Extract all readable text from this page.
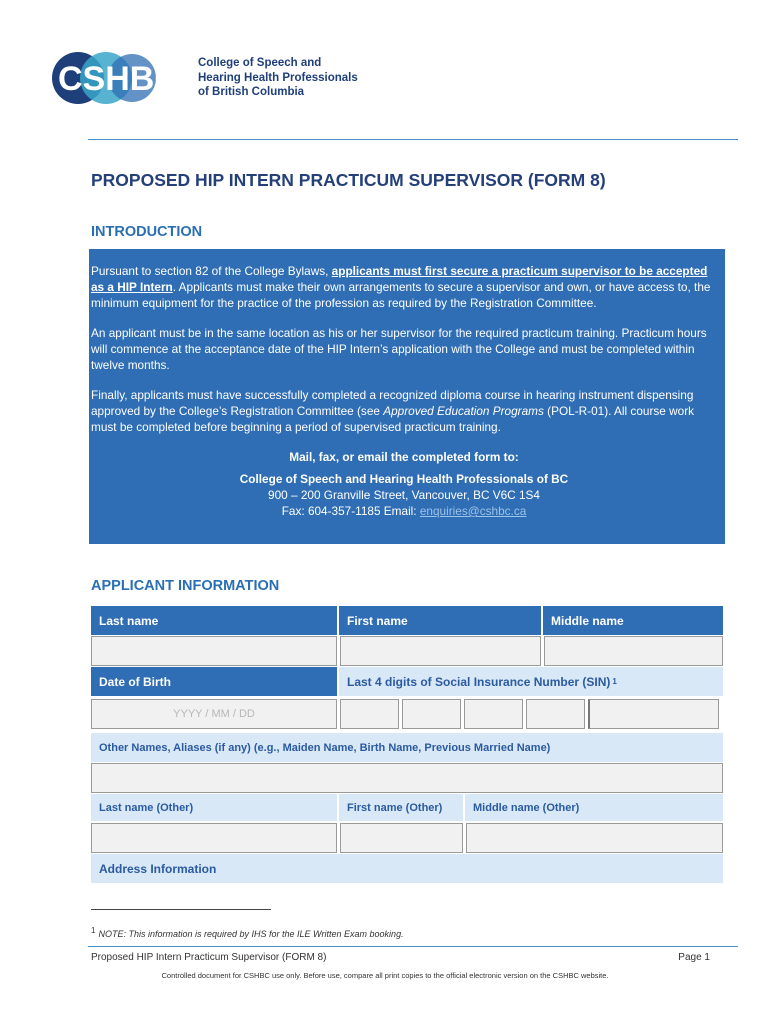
CSHBC College of Speech and
Hearing Health Professionals
of British Columbia
PROPOSED HIP INTERN PRACTICUM SUPERVISOR (FORM 8)
INTRODUCTION

Pursuant to section 82 of the College Bylaws, applicants must first secure a practicum supervisor to be accepted as a HIP Intern. Applicants must make their own arrangements to secure a supervisor and own, or have access to, the minimum equipment for the practice of the profession as required by the Registration Committee.

An applicant must be in the same location as his or her supervisor for the required practicum training. Practicum hours will commence at the acceptance date of the HIP Intern’s application with the College and must be completed within twelve months.

Finally, applicants must have successfully completed a recognized diploma course in hearing instrument dispensing approved by the College’s Registration Committee (see Approved Education Programs (POL-R-01). All course work must be completed before beginning a period of supervised practicum training.

Mail, fax, or email the completed form to:
College of Speech and Hearing Health Professionals of BC
900 – 200 Granville Street, Vancouver, BC V6C 1S4
Fax: 604-357-1185 Email: enquiries@cshbc.ca
APPLICANT INFORMATION
Last name	First name	Middle name
Date of Birth	Last 4 digits of Social Insurance Number (SIN) 1
YYYY / MM / DD
Other Names, Aliases (if any) (e.g., Maiden Name, Birth Name, Previous Married Name)
Last name (Other)	First name (Other)	Middle name (Other)
Address Information
$^1$ NOTE: This information is required by IHS for the ILE Written Exam booking.
Proposed HIP Intern Practicum Supervisor (FORM 8)	Page 1
Controlled document for CSHBC use only. Before use, compare all print copies to the official electronic version on the CSHBC website.
